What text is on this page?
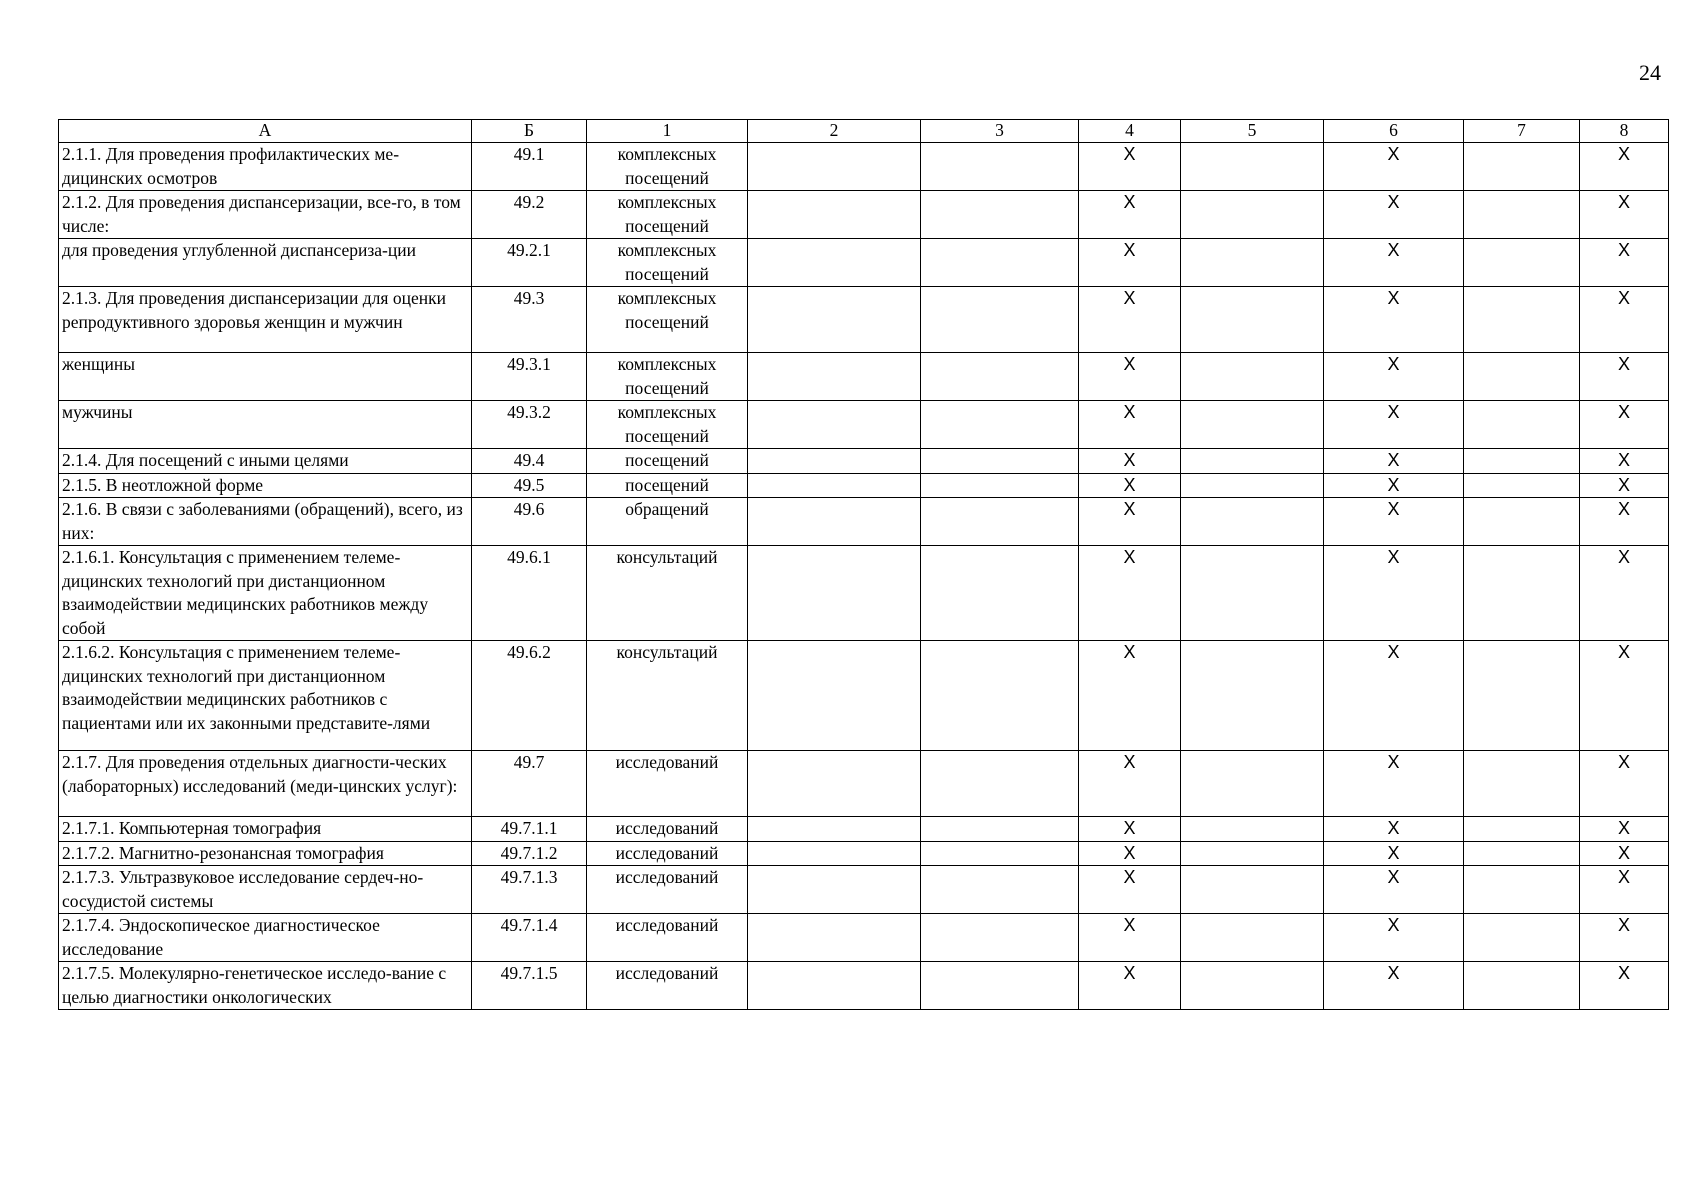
24
А	Б	1	2	3	4	5	6	7	8
2.1.1. Для проведения профилактических ме-дицинских осмотров	49.1	комплексных посещений			X		X		X
2.1.2. Для проведения диспансеризации, все-го, в том числе:	49.2	комплексных посещений			X		X		X
для проведения углубленной диспансериза-ции	49.2.1	комплексных посещений			X		X		X
2.1.3. Для проведения диспансеризации для оценки репродуктивного здоровья женщин и мужчин	49.3	комплексных посещений			X		X		X
женщины	49.3.1	комплексных посещений			X		X		X
мужчины	49.3.2	комплексных посещений			X		X		X
2.1.4. Для посещений с иными целями	49.4	посещений			X		X		X
2.1.5. В неотложной форме	49.5	посещений			X		X		X
2.1.6. В связи с заболеваниями (обращений), всего, из них:	49.6	обращений			X		X		X
2.1.6.1. Консультация с применением телеме-дицинских технологий при дистанционном взаимодействии медицинских работников между собой	49.6.1	консультаций			X		X		X
2.1.6.2. Консультация с применением телеме-дицинских технологий при дистанционном взаимодействии медицинских работников с пациентами или их законными представите-лями	49.6.2	консультаций			X		X		X
2.1.7. Для проведения отдельных диагности-ческих (лабораторных) исследований (меди-цинских услуг):	49.7	исследований			X		X		X
2.1.7.1. Компьютерная томография	49.7.1.1	исследований			X		X		X
2.1.7.2. Магнитно-резонансная томография	49.7.1.2	исследований			X		X		X
2.1.7.3. Ультразвуковое исследование сердеч-но-сосудистой системы	49.7.1.3	исследований			X		X		X
2.1.7.4. Эндоскопическое диагностическое исследование	49.7.1.4	исследований			X		X		X
2.1.7.5. Молекулярно-генетическое исследо-вание с целью диагностики онкологических	49.7.1.5	исследований			X		X		X
